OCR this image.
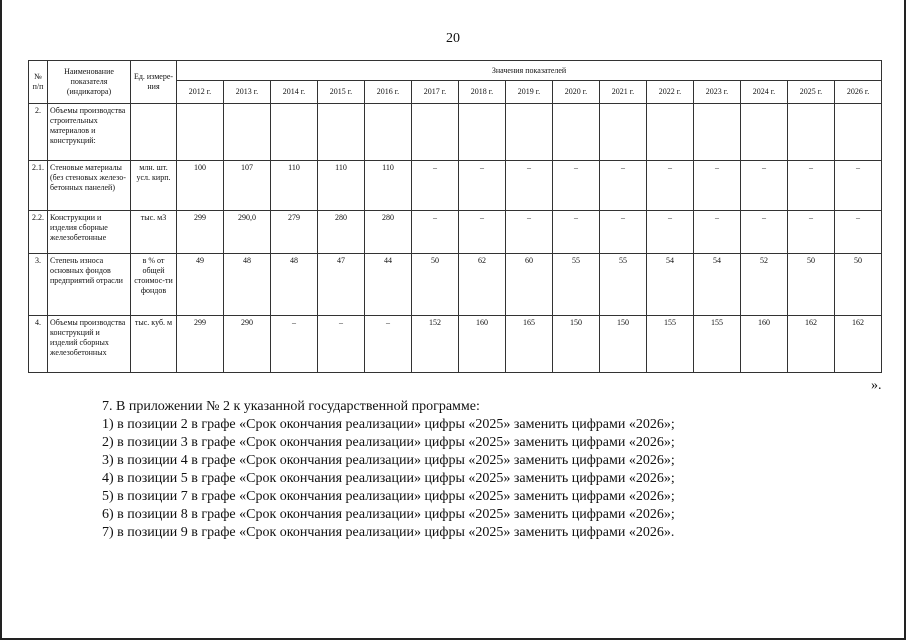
20
№ п/п	Наименование показателя (индикатора)	Ед. измере-ния	Значения показателей														
			2012 г.	2013 г.	2014 г.	2015 г.	2016 г.	2017 г.	2018 г.	2019 г.	2020 г.	2021 г.	2022 г.	2023 г.	2024 г.	2025 г.	2026 г.
2.	Объемы производства строительных материалов и конструкций:																
2.1.	Стеновые материалы (без стеновых железо-бетонных панелей)	млн. шт. усл. кирп.	100	107	110	110	110	–	–	–	–	–	–	–	–	–	–
2.2.	Конструкции и изделия сборные железобетонные	тыс. м3	299	290,0	279	280	280	–	–	–	–	–	–	–	–	–	–
3.	Степень износа основных фондов предприятий отрасли	в % от общей стоимос-ти фондов	49	48	48	47	44	50	62	60	55	55	54	54	52	50	50
4.	Объемы производства конструкций и изделий сборных железобетонных	тыс. куб. м	299	290	–	–	–	152	160	165	150	150	155	155	160	162	162
».

7. В приложении № 2 к указанной государственной программе:

1) в позиции 2 в графе «Срок окончания реализации» цифры «2025» заменить цифрами «2026»;

2) в позиции 3 в графе «Срок окончания реализации» цифры «2025» заменить цифрами «2026»;

3) в позиции 4 в графе «Срок окончания реализации» цифры «2025» заменить цифрами «2026»;

4) в позиции 5 в графе «Срок окончания реализации» цифры «2025» заменить цифрами «2026»;

5) в позиции 7 в графе «Срок окончания реализации» цифры «2025» заменить цифрами «2026»;

6) в позиции 8 в графе «Срок окончания реализации» цифры «2025» заменить цифрами «2026»;

7) в позиции 9 в графе «Срок окончания реализации» цифры «2025» заменить цифрами «2026».
